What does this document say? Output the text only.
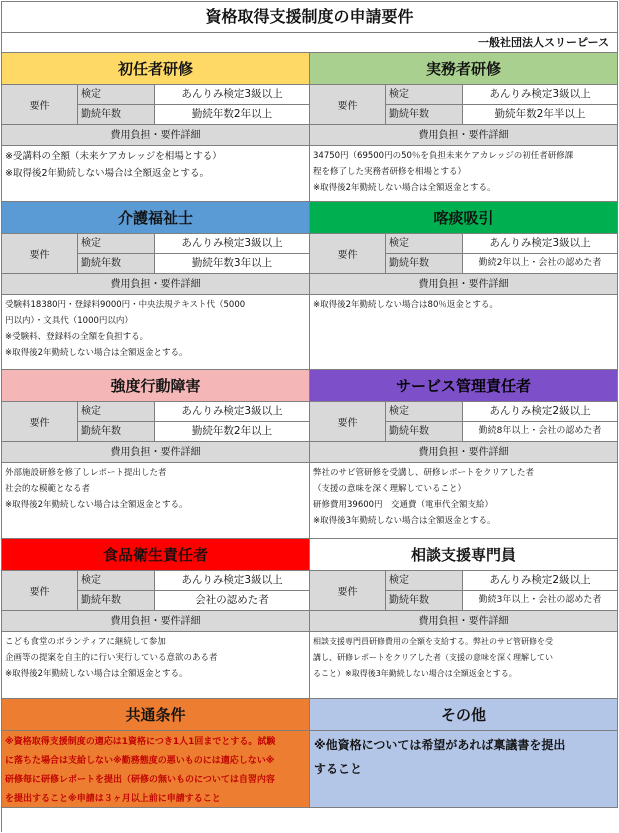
資格取得支援制度の申請要件
一般社団法人スリーピース
初任者研修
要件
検定	あんりみ検定3級以上
勤続年数	勤続年数2年以上
費用負担・要件詳細

※受講料の全額（未来ケアカレッジを相場とする）

※取得後2年勤続しない場合は全額返金とする。

実務者研修
要件
検定	あんりみ検定3級以上
勤続年数	勤続年数2年半以上
費用負担・要件詳細

34750円（69500円の50％を負担未来ケアカレッジの初任者研修課

程を修了した実務者研修を相場とする）

※取得後2年勤続しない場合は全額返金とする。

介護福祉士
要件
検定	あんりみ検定3級以上
勤続年数	勤続年数3年以上
費用負担・要件詳細

受験料18380円・登録料9000円・中央法規テキスト代（5000

円以内）・文具代（1000円以内）

※受験料、登録料の全額を負担する。

※取得後2年勤続しない場合は全額返金とする。

喀痰吸引
要件
検定	あんりみ検定3級以上
勤続年数	勤続2年以上・会社の認めた者
費用負担・要件詳細

※取得後2年勤続しない場合は80％返金とする。

強度行動障害
要件
検定	あんりみ検定3級以上
勤続年数	勤続年数2年以上
費用負担・要件詳細

外部施設研修を修了しレポート提出した者

社会的な模範となる者

※取得後2年勤続しない場合は全額返金とする。

サービス管理責任者
要件
検定	あんりみ検定2級以上
勤続年数	勤続8年以上・会社の認めた者
費用負担・要件詳細

弊社のサビ管研修を受講し、研修レポートをクリアした者

（支援の意味を深く理解していること）

研修費用39600円　交通費（電車代全額支給）

※取得後3年勤続しない場合は全額返金とする。

食品衛生責任者
要件
検定	あんりみ検定3級以上
勤続年数	会社の認めた者
費用負担・要件詳細

こども食堂のボランティアに継続して参加

企画等の提案を自主的に行い実行している意欲のある者

※取得後2年勤続しない場合は全額返金とする。

相談支援専門員
要件
検定	あんりみ検定2級以上
勤続年数	勤続3年以上・会社の認めた者
費用負担・要件詳細

相談支援専門員研修費用の全額を支給する。弊社のサビ管研修を受

講し、研修レポートをクリアした者（支援の意味を深く理解してい

ること）※取得後3年勤続しない場合は全額返金とする。

共通条件
※資格取得支援制度の適応は1資格につき1人1回までとする。試験
に落ちた場合は支給しない※勤務態度の悪いものには適応しない※
研修毎に研修レポートを提出（研修の無いものについては自習内容
を提出すること※申請は３ヶ月以上前に申請すること
その他
※他資格については希望があれば稟議書を提出
すること
